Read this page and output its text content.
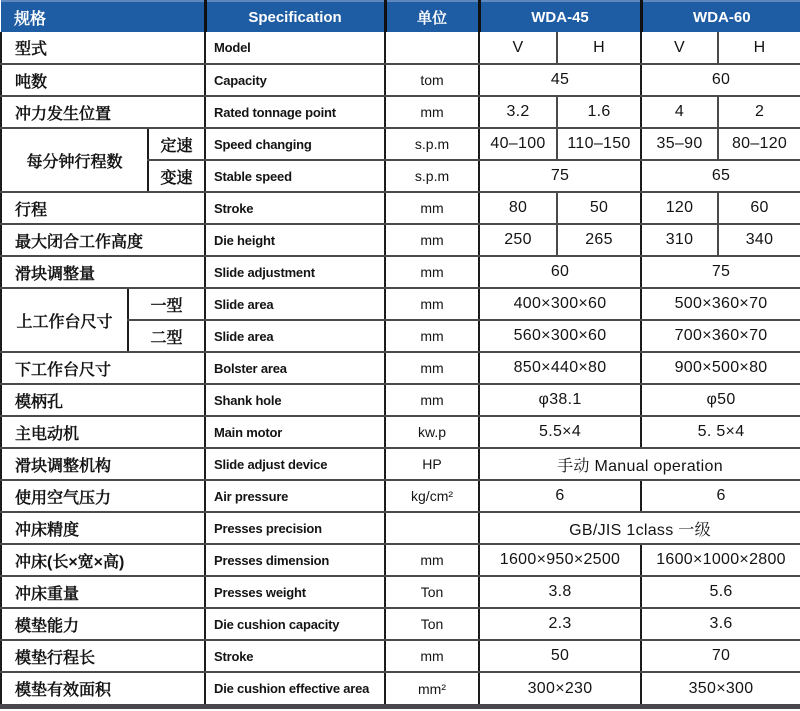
规格			Specification	单位	WDA-45		WDA-60	
型式			Model		V	H	V	H
吨数			Capacity	tom	45		60	
冲力发生位置			Rated tonnage point	mm	3.2	1.6	4	2
每分钟行程数		定速	Speed changing	s.p.m	40–100	110–150	35–90	80–120
		变速	Stable speed	s.p.m	75		65	
行程			Stroke	mm	80	50	120	60
最大闭合工作高度			Die height	mm	250	265	310	340
滑块调整量			Slide adjustment	mm	60		75	
上工作台尺寸	一型		Slide area	mm	400×300×60		500×360×70	
	二型		Slide area	mm	560×300×60		700×360×70	
下工作台尺寸			Bolster area	mm	850×440×80		900×500×80	
模柄孔			Shank hole	mm	φ38.1		φ50	
主电动机			Main motor	kw.p	5.5×4		5. 5×4	
滑块调整机构			Slide adjust device	HP	手动 Manual operation			
使用空气压力			Air pressure	kg/cm²	6		6	
冲床精度			Presses precision		GB/JIS 1class 一级			
冲床(长×宽×高)			Presses dimension	mm	1600×950×2500		1600×1000×2800	
冲床重量			Presses weight	Ton	3.8		5.6	
模垫能力			Die cushion capacity	Ton	2.3		3.6	
模垫行程长			Stroke	mm	50		70	
模垫有效面积			Die cushion effective area	mm²	300×230		350×300	
